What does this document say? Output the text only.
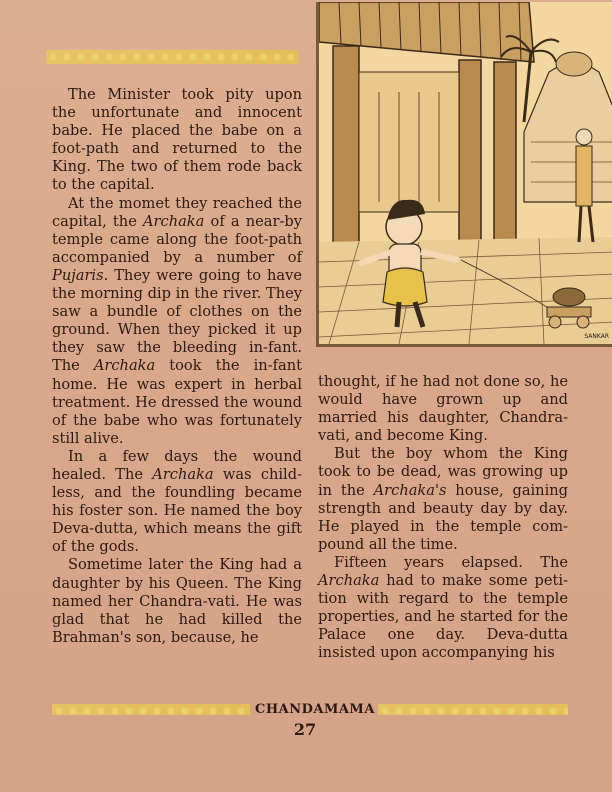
SANKAR

The Minister took pity upon the unfortunate and innocent babe. He placed the babe on a foot-path and returned to the King. The two of them rode back to the capital.

At the momet they reached the capital, the Archaka of a near-by temple came along the foot-path accompanied by a number of Pujaris. They were going to have the morning dip in the river. They saw a bundle of clothes on the ground. When they picked it up they saw the bleeding in-fant. The Archaka took the in-fant home. He was expert in herbal treatment. He dressed the wound of the babe who was fortunately still alive.

In a few days the wound healed. The Archaka was child-less, and the foundling became his foster son. He named the boy Deva-dutta, which means the gift of the gods.

Sometime later the King had a daughter by his Queen. The King named her Chandra-vati. He was glad that he had killed the Brahman's son, because, he

thought, if he had not done so, he would have grown up and married his daughter, Chandra-vati, and become King.

But the boy whom the King took to be dead, was growing up in the Archaka's house, gaining strength and beauty day by day. He played in the temple com-pound all the time.

Fifteen years elapsed. The Archaka had to make some peti-tion with regard to the temple properties, and he started for the Palace one day. Deva-dutta insisted upon accompanying his

CHANDAMAMA
27
